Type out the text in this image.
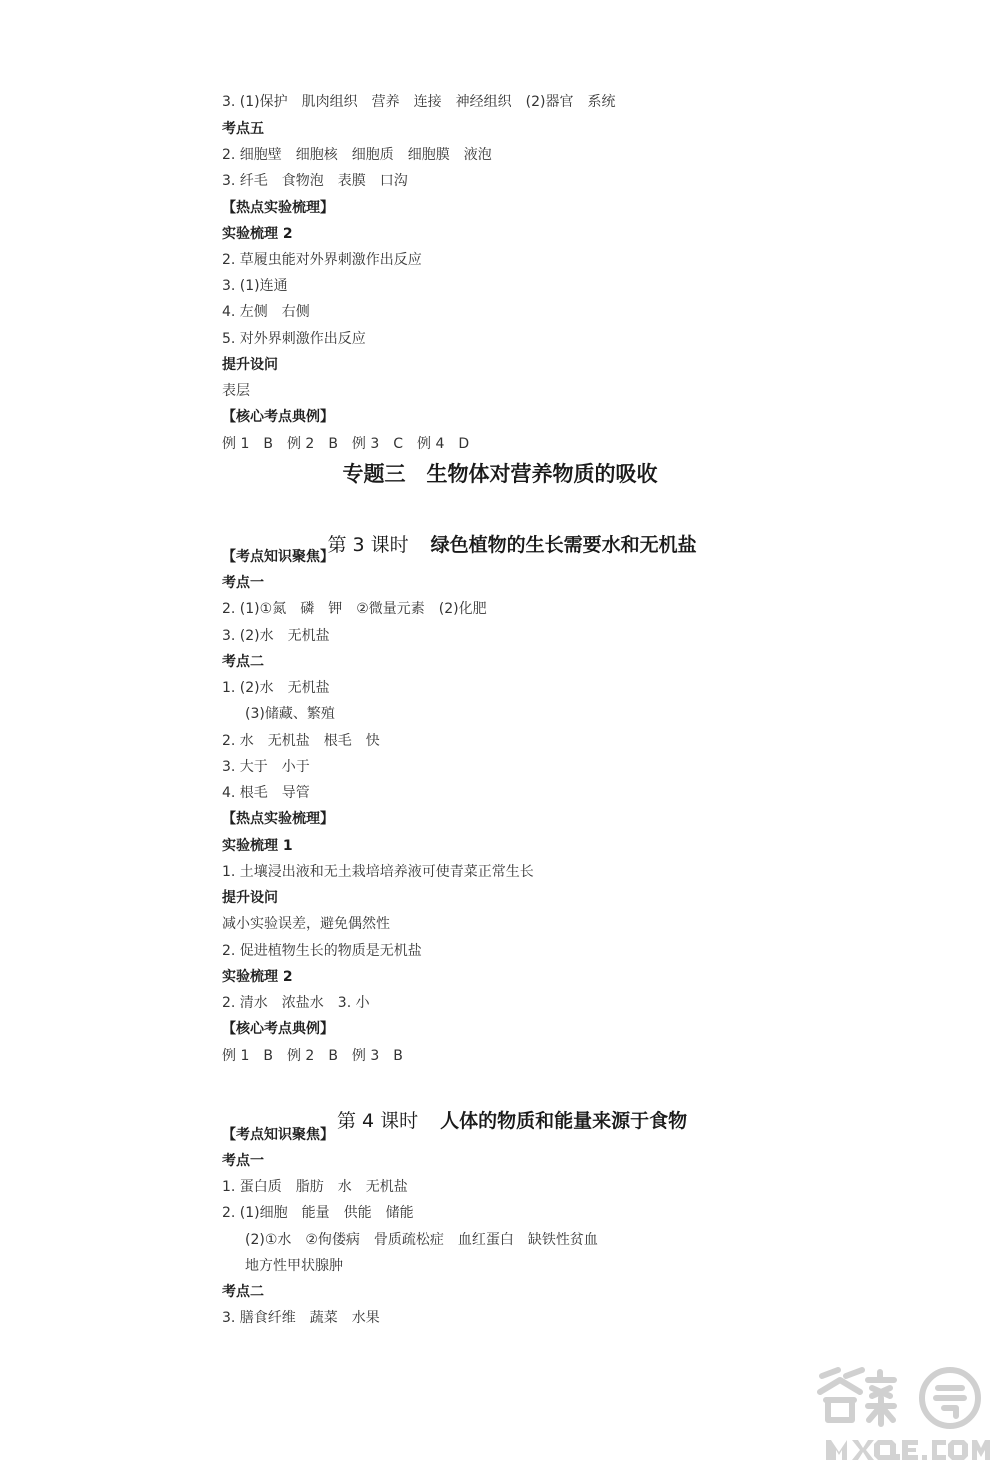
3. (1)保护　肌肉组织　营养　连接　神经组织　(2)器官　系统
考点五
2. 细胞壁　细胞核　细胞质　细胞膜　液泡
3. 纤毛　食物泡　表膜　口沟
【热点实验梳理】
实验梳理 2
2. 草履虫能对外界刺激作出反应
3. (1)连通
4. 左侧　右侧
5. 对外界刺激作出反应
提升设问
表层
【核心考点典例】
例 1　B　例 2　B　例 3　C　例 4　D
专题三　生物体对营养物质的吸收

第 3 课时 绿色植物的生长需要水和无机盐

【考点知识聚焦】
考点一
2. (1)①氮　磷　钾　②微量元素　(2)化肥
3. (2)水　无机盐
考点二
1. (2)水　无机盐
(3)储藏、繁殖
2. 水　无机盐　根毛　快
3. 大于　小于
4. 根毛　导管
【热点实验梳理】
实验梳理 1
1. 土壤浸出液和无土栽培培养液可使青菜正常生长
提升设问
减小实验误差，避免偶然性
2. 促进植物生长的物质是无机盐
实验梳理 2
2. 清水　浓盐水　3. 小
【核心考点典例】
例 1　B　例 2　B　例 3　B

第 4 课时 人体的物质和能量来源于食物

【考点知识聚焦】
考点一
1. 蛋白质　脂肪　水　无机盐
2. (1)细胞　能量　供能　储能
(2)①水　②佝偻病　骨质疏松症　血红蛋白　缺铁性贫血
地方性甲状腺肿
考点二
3. 膳食纤维　蔬菜　水果
